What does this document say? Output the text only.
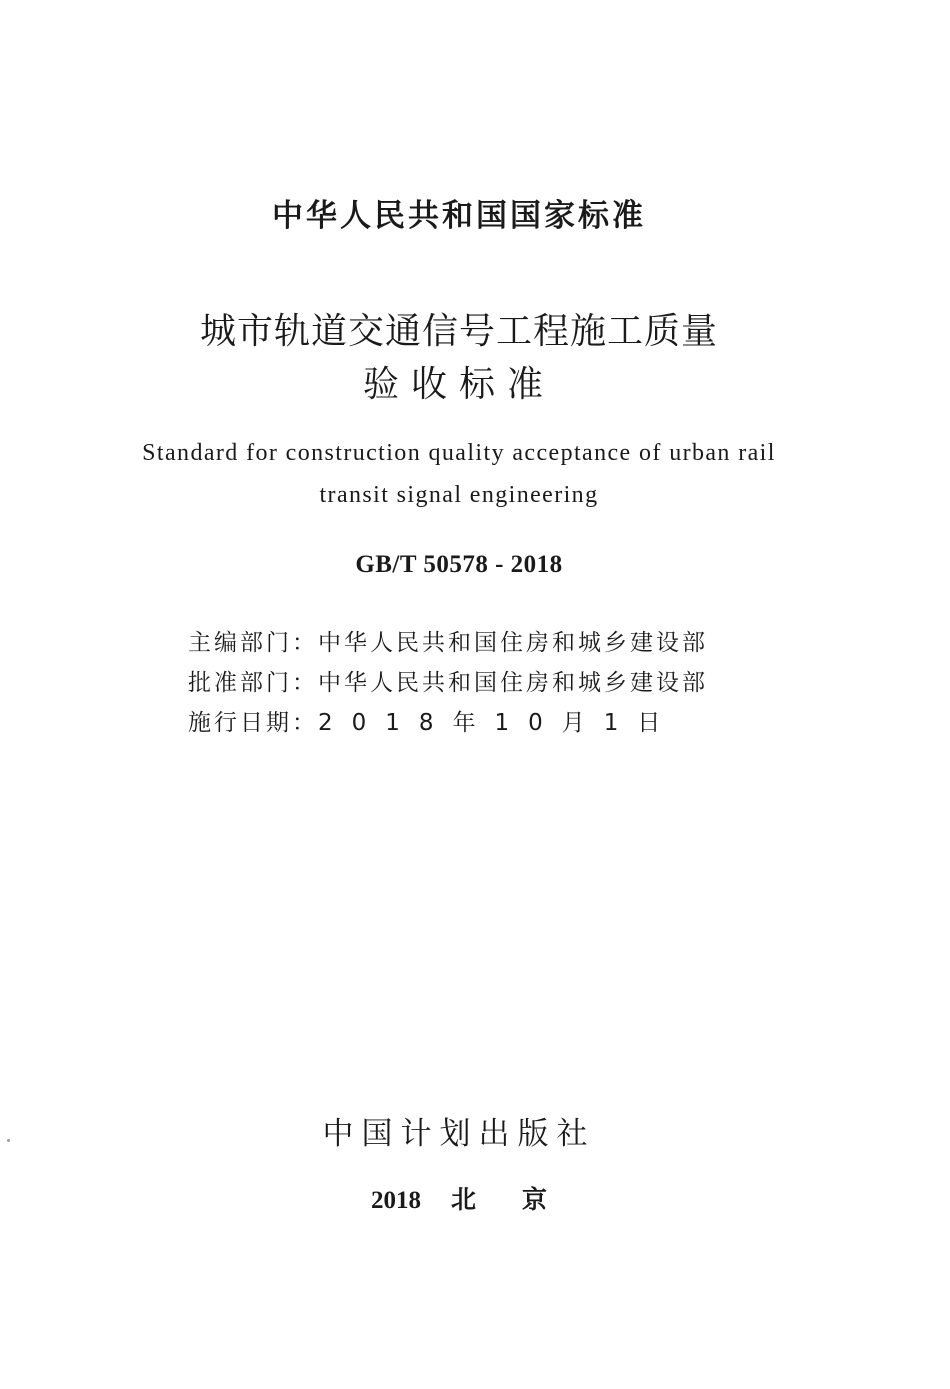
中华人民共和国国家标准
城市轨道交通信号工程施工质量
验收标准
Standard for construction quality acceptance of urban rail
transit signal engineering
GB/T 50578 - 2018
主编部门：中华人民共和国住房和城乡建设部
批准部门：中华人民共和国住房和城乡建设部
施行日期：2018年10月1日
中国计划出版社
2018 北 京
